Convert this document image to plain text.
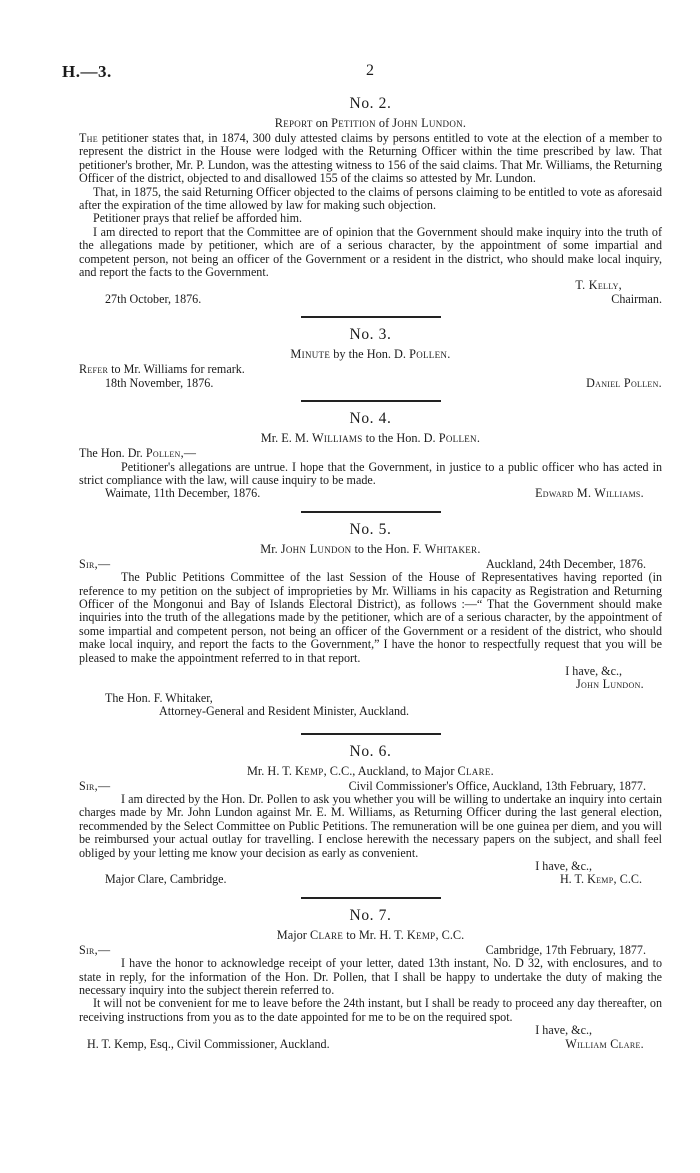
H.—3.	2
No. 2.
Report on Petition of John Lundon.

The petitioner states that, in 1874, 300 duly attested claims by persons entitled to vote at the election of a member to represent the district in the House were lodged with the Returning Officer within the time prescribed by law. That petitioner's brother, Mr. P. Lundon, was the attesting witness to 156 of the said claims. That Mr. Williams, the Returning Officer of the district, objected to and disallowed 155 of the claims so attested by Mr. Lundon.

That, in 1875, the said Returning Officer objected to the claims of persons claiming to be entitled to vote as aforesaid after the expiration of the time allowed by law for making such objection.

Petitioner prays that relief be afforded him.

I am directed to report that the Committee are of opinion that the Government should make inquiry into the truth of the allegations made by petitioner, which are of a serious character, by the appointment of some impartial and competent person, not being an officer of the Government or a resident in the district, who should make local inquiry, and report the facts to the Government.

T. Kelly,
27th October, 1876.	Chairman.
No. 3.
Minute by the Hon. D. Pollen.

Refer to Mr. Williams for remark.

18th November, 1876.	Daniel Pollen.
No. 4.
Mr. E. M. Williams to the Hon. D. Pollen.
The Hon. Dr. Pollen,—

Petitioner's allegations are untrue. I hope that the Government, in justice to a public officer who has acted in strict compliance with the law, will cause inquiry to be made.

Waimate, 11th December, 1876.	Edward M. Williams.
No. 5.
Mr. John Lundon to the Hon. F. Whitaker.
Sir,—	Auckland, 24th December, 1876.

The Public Petitions Committee of the last Session of the House of Representatives having reported (in reference to my petition on the subject of improprieties by Mr. Williams in his capacity as Registration and Returning Officer of the Mongonui and Bay of Islands Electoral District), as follows :—“ That the Government should make inquiries into the truth of the allegations made by the petitioner, which are of a serious character, by the appointment of some impartial and competent person, not being an officer of the Government or a resident of the district, who should make local inquiry, and report the facts to the Government,” I have the honor to respectfully request that you will be pleased to make the appointment referred to in that report.

I have, &c.,
John Lundon.
The Hon. F. Whitaker,
Attorney-General and Resident Minister, Auckland.
No. 6.
Mr. H. T. Kemp, C.C., Auckland, to Major Clare.
Sir,—	Civil Commissioner's Office, Auckland, 13th February, 1877.

I am directed by the Hon. Dr. Pollen to ask you whether you will be willing to undertake an inquiry into certain charges made by Mr. John Lundon against Mr. E. M. Williams, as Returning Officer during the last general election, recommended by the Select Committee on Public Petitions. The remuneration will be one guinea per diem, and you will be reimbursed your actual outlay for travelling. I enclose herewith the necessary papers on the subject, and shall feel obliged by your letting me know your decision as early as convenient.

I have, &c.,
Major Clare, Cambridge.	H. T. Kemp, C.C.
No. 7.
Major Clare to Mr. H. T. Kemp, C.C.
Sir,—	Cambridge, 17th February, 1877.

I have the honor to acknowledge receipt of your letter, dated 13th instant, No. D 32, with enclosures, and to state in reply, for the information of the Hon. Dr. Pollen, that I shall be happy to undertake the duty of making the necessary inquiry into the subject therein referred to.

It will not be convenient for me to leave before the 24th instant, but I shall be ready to proceed any day thereafter, on receiving instructions from you as to the date appointed for me to be on the required spot.

I have, &c.,
H. T. Kemp, Esq., Civil Commissioner, Auckland.	William Clare.
